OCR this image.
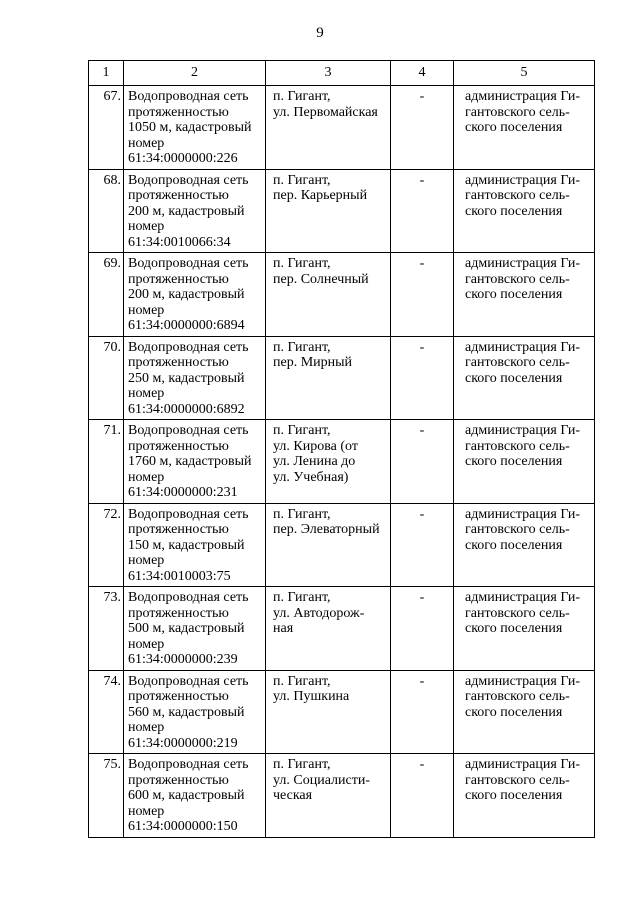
9
1	2	3	4	5
67.	Водопроводная сеть
протяженностью
1050 м, кадастровый
номер
61:34:0000000:226	п. Гигант,
ул. Первомайская	-	администрация Ги-
гантовского сель-
ского поселения

68.	Водопроводная сеть
протяженностью
200 м, кадастровый
номер
61:34:0010066:34	п. Гигант,
пер. Карьерный	-	администрация Ги-
гантовского сель-
ского поселения

69.	Водопроводная сеть
протяженностью
200 м, кадастровый
номер
61:34:0000000:6894	п. Гигант,
пер. Солнечный	-	администрация Ги-
гантовского сель-
ского поселения

70.	Водопроводная сеть
протяженностью
250 м, кадастровый
номер
61:34:0000000:6892	п. Гигант,
пер. Мирный	-	администрация Ги-
гантовского сель-
ского поселения

71.	Водопроводная сеть
протяженностью
1760 м, кадастровый
номер
61:34:0000000:231	п. Гигант,
ул. Кирова (от
ул. Ленина до
ул. Учебная)	-	администрация Ги-
гантовского сель-
ского поселения

72.	Водопроводная сеть
протяженностью
150 м, кадастровый
номер
61:34:0010003:75	п. Гигант,
пер. Элеваторный	-	администрация Ги-
гантовского сель-
ского поселения

73.	Водопроводная сеть
протяженностью
500 м, кадастровый
номер
61:34:0000000:239	п. Гигант,
ул. Автодорож-
ная	-	администрация Ги-
гантовского сель-
ского поселения

74.	Водопроводная сеть
протяженностью
560 м, кадастровый
номер
61:34:0000000:219	п. Гигант,
ул. Пушкина	-	администрация Ги-
гантовского сель-
ского поселения

75.	Водопроводная сеть
протяженностью
600 м, кадастровый
номер
61:34:0000000:150	п. Гигант,
ул. Социалисти-
ческая	-	администрация Ги-
гантовского сель-
ского поселения
